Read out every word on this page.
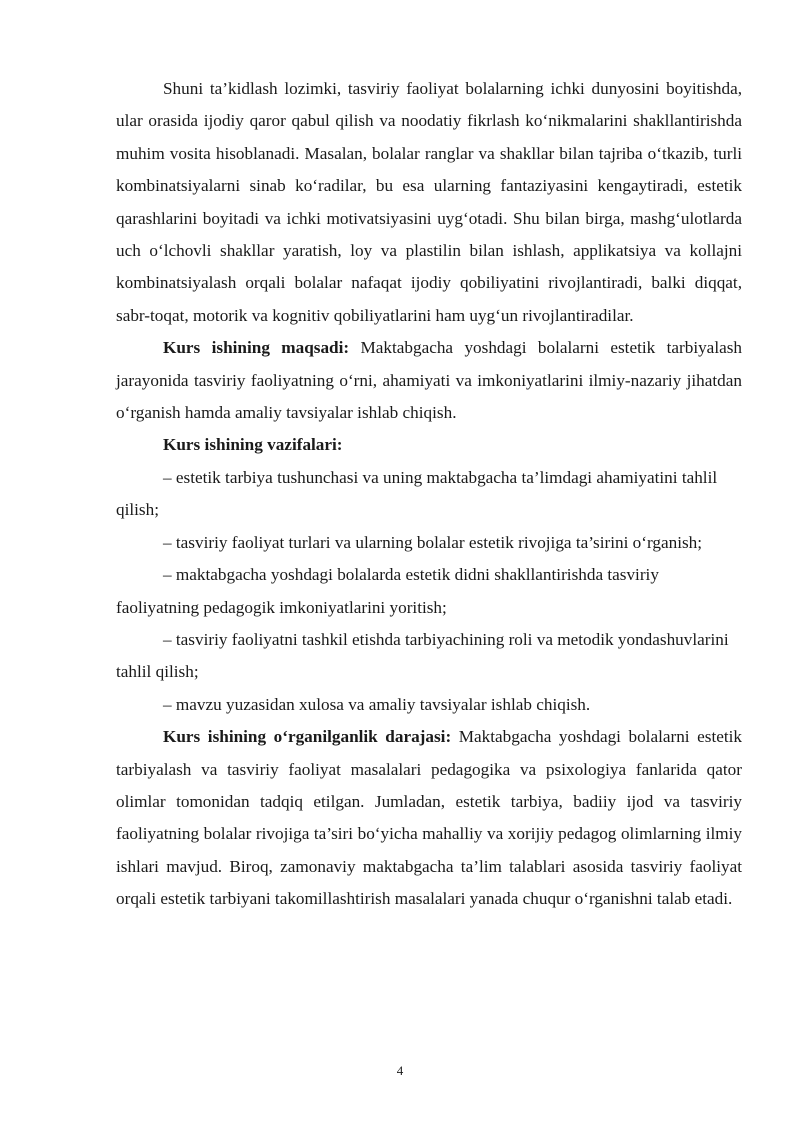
Shuni ta’kidlash lozimki, tasviriy faoliyat bolalarning ichki dunyosini boyitishda, ular orasida ijodiy qaror qabul qilish va noodatiy fikrlash ko‘nikmalarini shakllantirishda muhim vosita hisoblanadi. Masalan, bolalar ranglar va shakllar bilan tajriba o‘tkazib, turli kombinatsiyalarni sinab ko‘radilar, bu esa ularning fantaziyasini kengaytiradi, estetik qarashlarini boyitadi va ichki motivatsiyasini uyg‘otadi. Shu bilan birga, mashg‘ulotlarda uch o‘lchovli shakllar yaratish, loy va plastilin bilan ishlash, applikatsiya va kollajni kombinatsiyalash orqali bolalar nafaqat ijodiy qobiliyatini rivojlantiradi, balki diqqat, sabr-toqat, motorik va kognitiv qobiliyatlarini ham uyg‘un rivojlantiradilar.

Kurs ishining maqsadi: Maktabgacha yoshdagi bolalarni estetik tarbiyalash jarayonida tasviriy faoliyatning o‘rni, ahamiyati va imkoniyatlarini ilmiy-nazariy jihatdan o‘rganish hamda amaliy tavsiyalar ishlab chiqish.

Kurs ishining vazifalari:

– estetik tarbiya tushunchasi va uning maktabgacha ta’limdagi ahamiyatini tahlil qilish;

– tasviriy faoliyat turlari va ularning bolalar estetik rivojiga ta’sirini o‘rganish;

– maktabgacha yoshdagi bolalarda estetik didni shakllantirishda tasviriy faoliyatning pedagogik imkoniyatlarini yoritish;

– tasviriy faoliyatni tashkil etishda tarbiyachining roli va metodik yondashuvlarini tahlil qilish;

– mavzu yuzasidan xulosa va amaliy tavsiyalar ishlab chiqish.

Kurs ishining o‘rganilganlik darajasi: Maktabgacha yoshdagi bolalarni estetik tarbiyalash va tasviriy faoliyat masalalari pedagogika va psixologiya fanlarida qator olimlar tomonidan tadqiq etilgan. Jumladan, estetik tarbiya, badiiy ijod va tasviriy faoliyatning bolalar rivojiga ta’siri bo‘yicha mahalliy va xorijiy pedagog olimlarning ilmiy ishlari mavjud. Biroq, zamonaviy maktabgacha ta’lim talablari asosida tasviriy faoliyat orqali estetik tarbiyani takomillashtirish masalalari yanada chuqur o‘rganishni talab etadi.

4
